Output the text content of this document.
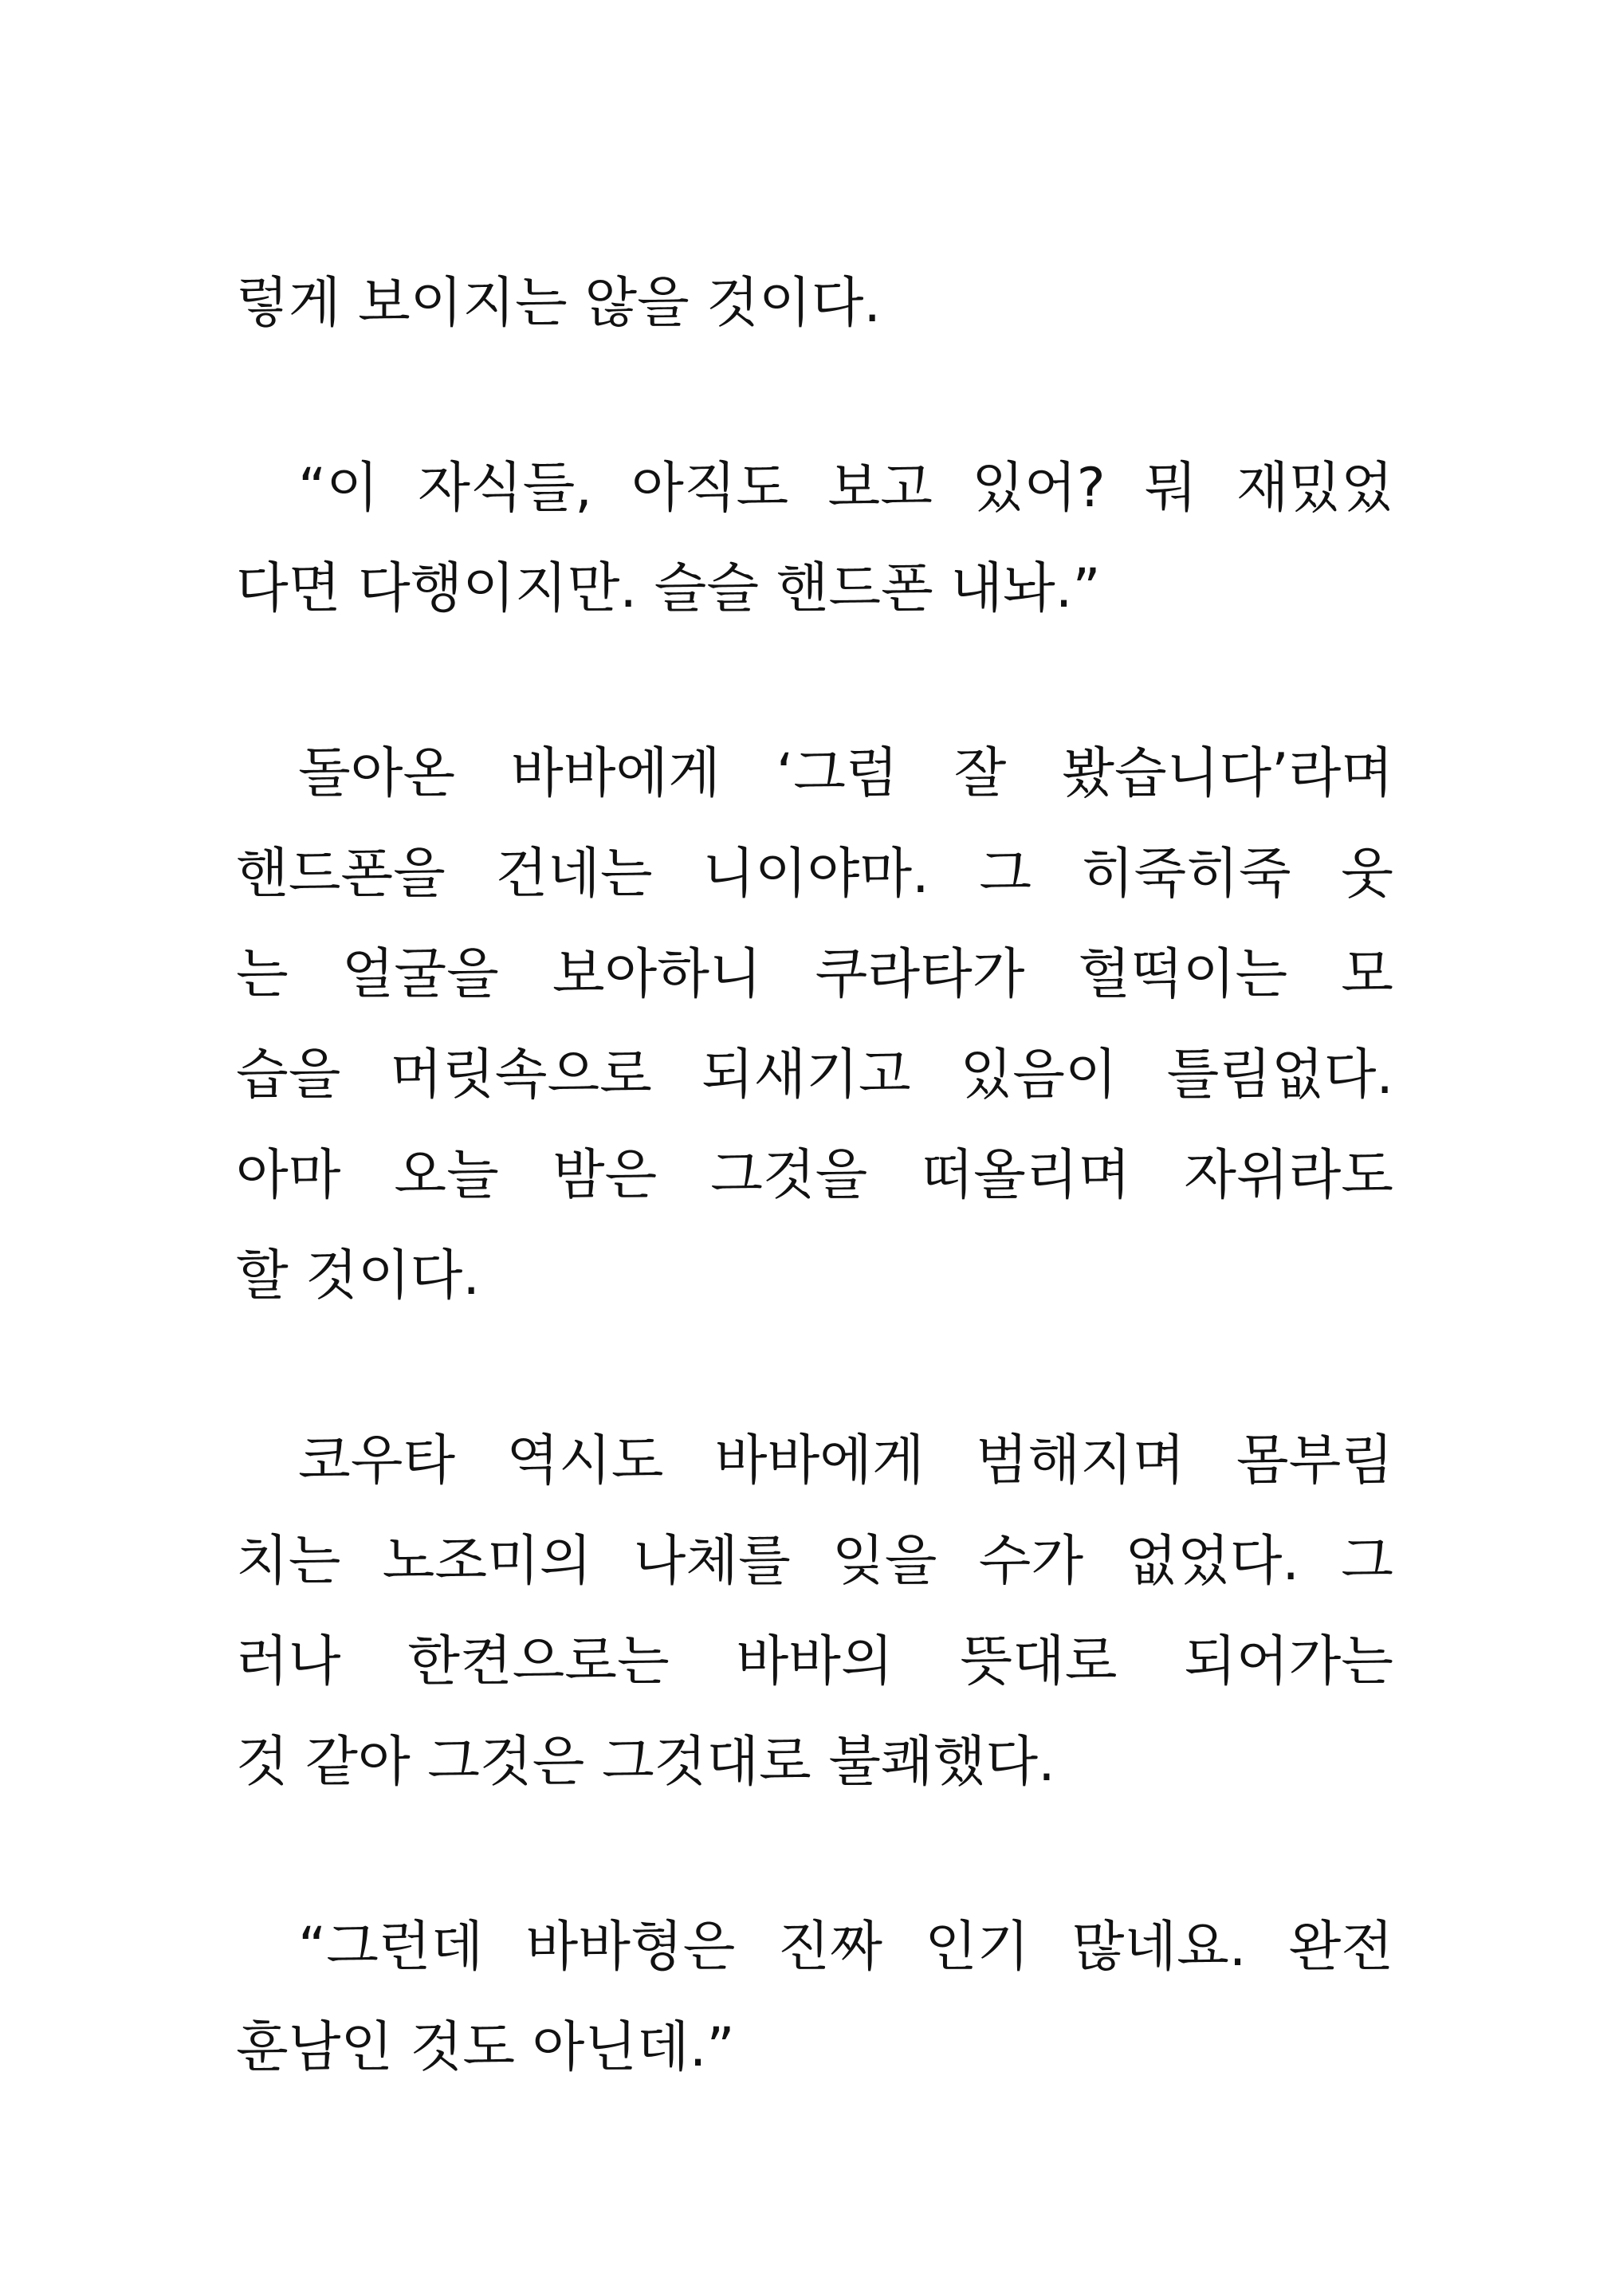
렇게 보이지는 않을 것이다.
“이 자식들, 아직도 보고 있어? 뭐 재밌었
다면 다행이지만. 슬슬 핸드폰 내놔.”
돌아온 바바에게 ‘그럼 잘 봤습니다’라며
핸드폰을 건네는 니이야마. 그 히죽히죽 웃
는 얼굴을 보아하니 쿠라타가 헐떡이는 모
습을 머릿속으로 되새기고 있음이 틀림없다.
아마 오늘 밤은 그것을 떠올리며 자위라도
할 것이다.
코우타 역시도 바바에게 범해지며 몸부림
치는 노조미의 나체를 잊을 수가 없었다. 그
러나 한켠으로는 바바의 뜻대로 되어가는
것 같아 그것은 그것대로 불쾌했다.
“그런데 바바형은 진짜 인기 많네요. 완전
훈남인 것도 아닌데.”
